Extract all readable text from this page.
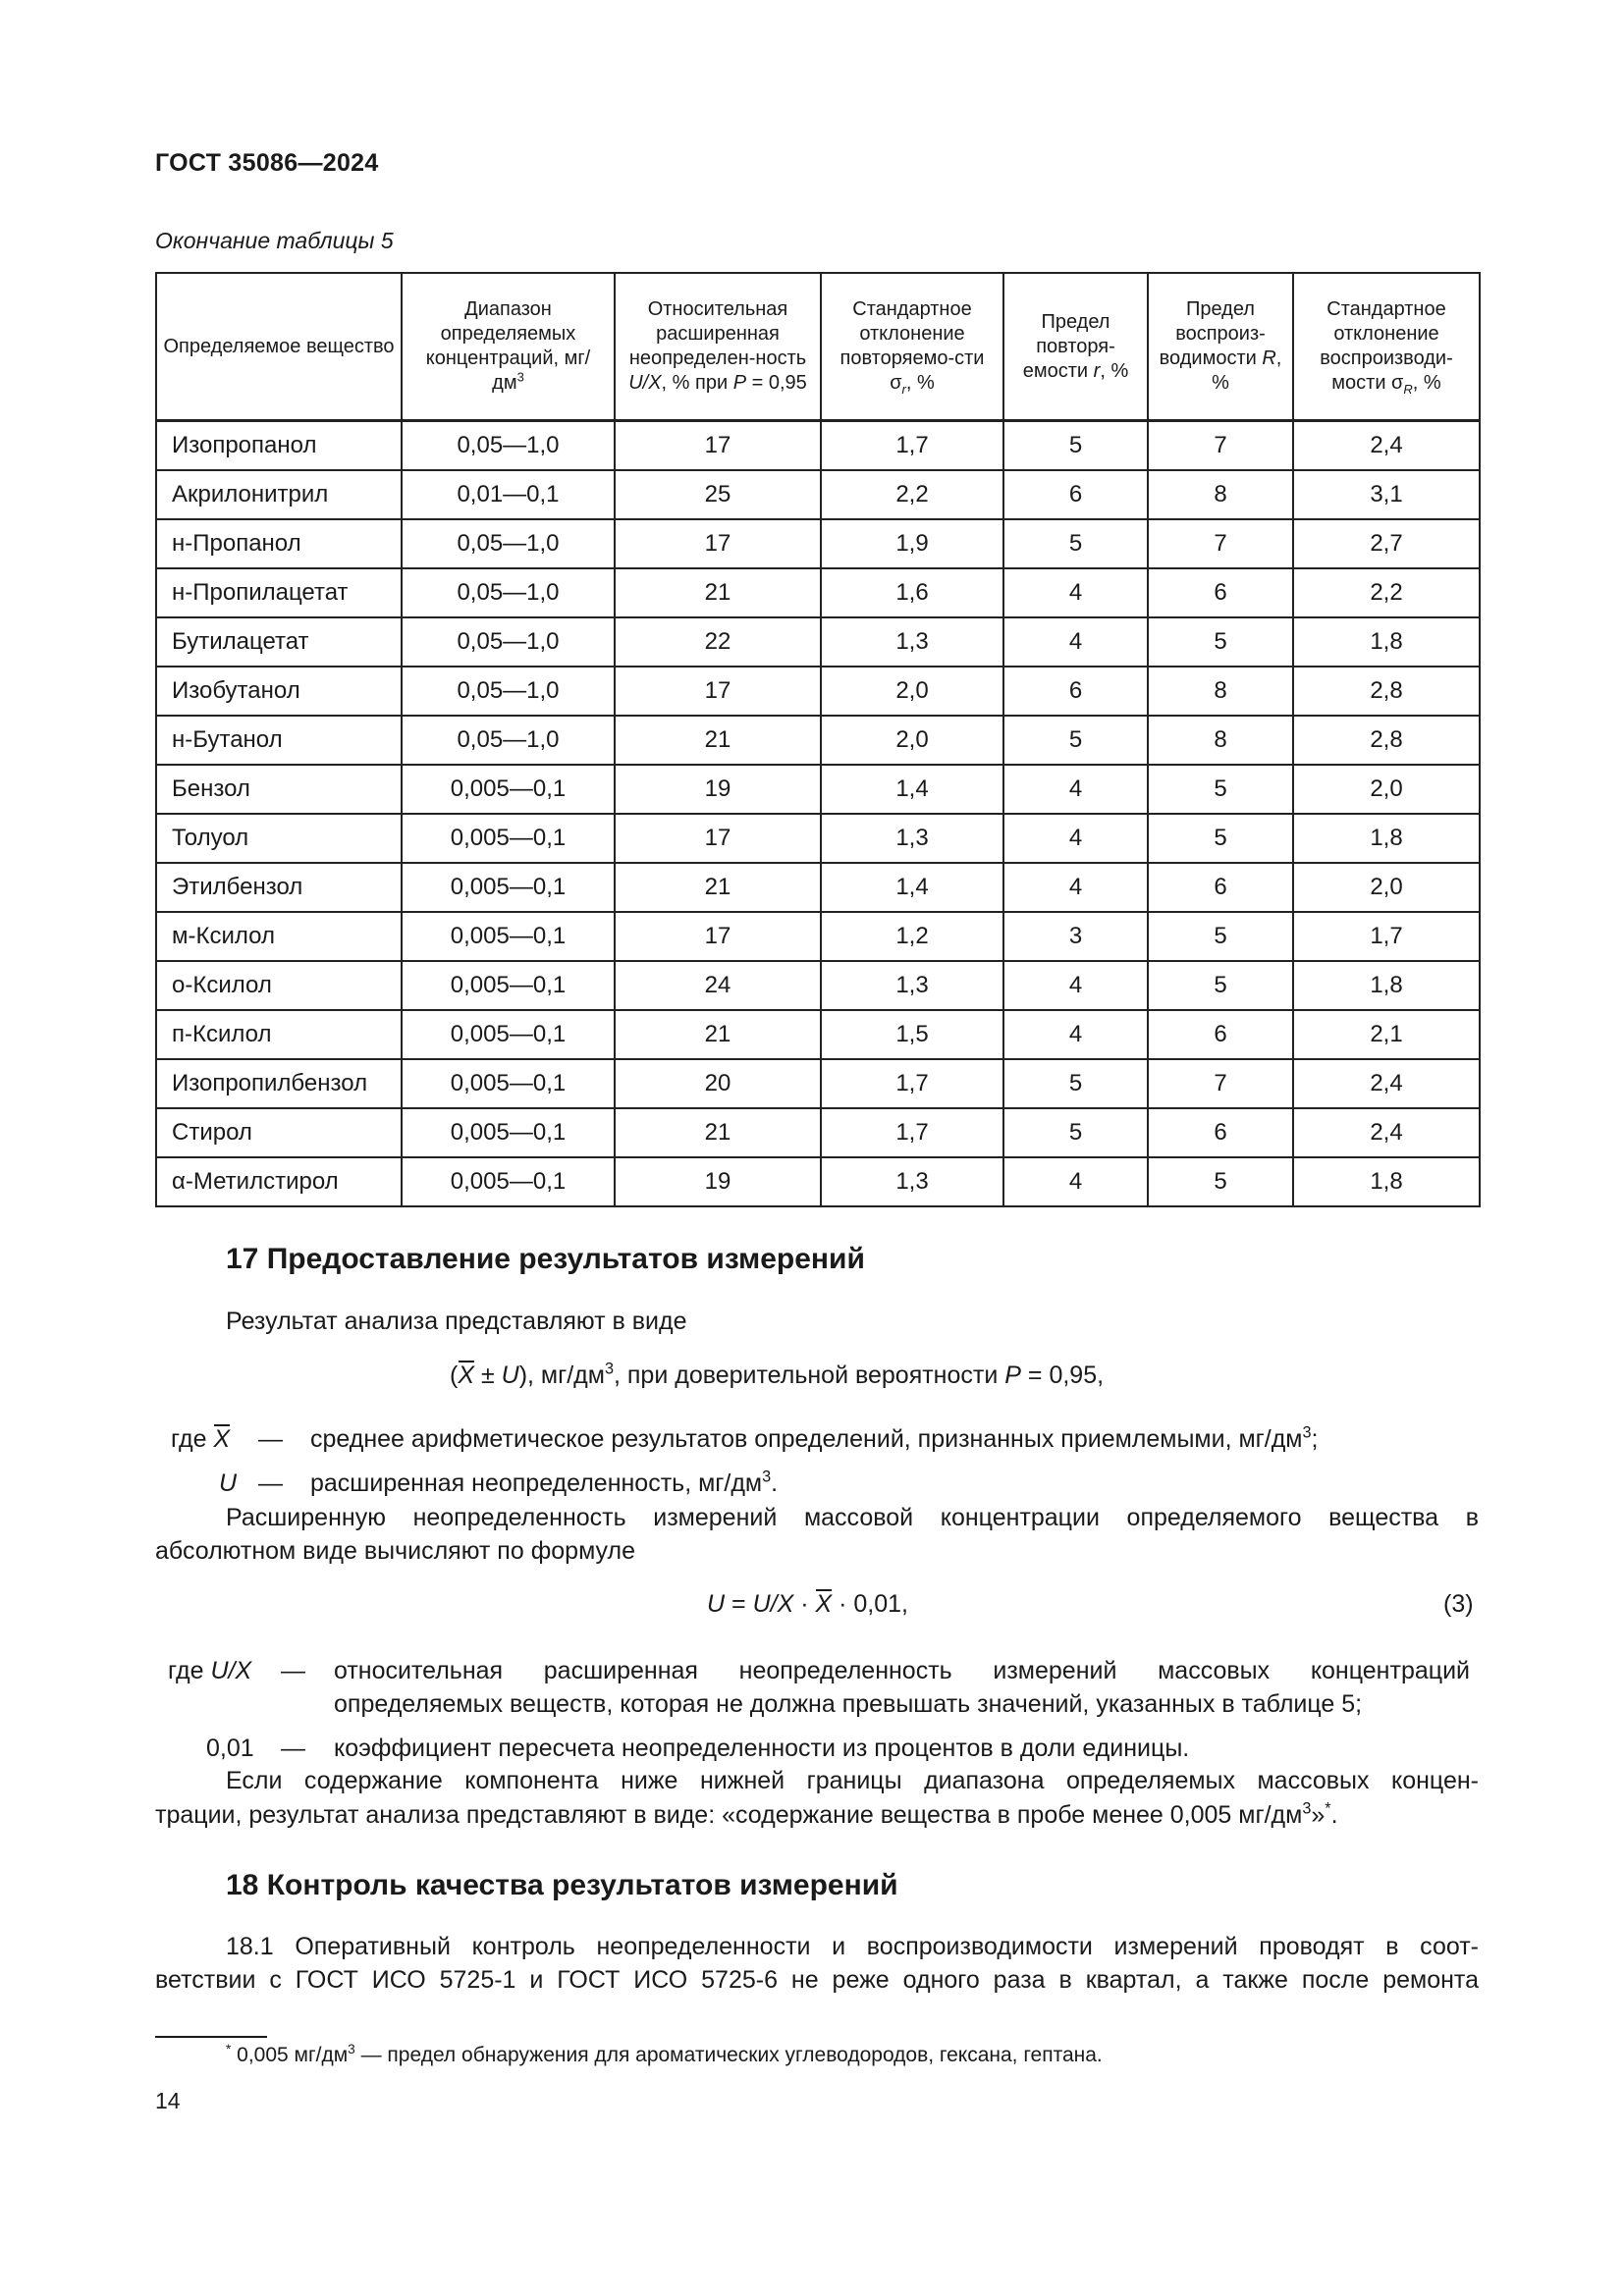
ГОСТ 35086—2024
Окончание таблицы 5
Определяемое вещество	Диапазон определяемых концентраций, $мг/дм^3$	Относительная расширенная неопределен-ность U/X, % при P = 0,95	Стандартное отклонение повторяемо-сти $\sigma_r$, %	Предел повторя-емости r, %	Предел воспроиз-водимости R, %	Стандартное отклонение воспроизводи-мости $\sigma_R$, %
Изопропанол	0,05—1,0	17	1,7	5	7	2,4
Акрилонитрил	0,01—0,1	25	2,2	6	8	3,1
н-Пропанол	0,05—1,0	17	1,9	5	7	2,7
н-Пропилацетат	0,05—1,0	21	1,6	4	6	2,2
Бутилацетат	0,05—1,0	22	1,3	4	5	1,8
Изобутанол	0,05—1,0	17	2,0	6	8	2,8
н-Бутанол	0,05—1,0	21	2,0	5	8	2,8
Бензол	0,005—0,1	19	1,4	4	5	2,0
Толуол	0,005—0,1	17	1,3	4	5	1,8
Этилбензол	0,005—0,1	21	1,4	4	6	2,0
м-Ксилол	0,005—0,1	17	1,2	3	5	1,7
о-Ксилол	0,005—0,1	24	1,3	4	5	1,8
п-Ксилол	0,005—0,1	21	1,5	4	6	2,1
Изопропилбензол	0,005—0,1	20	1,7	5	7	2,4
Стирол	0,005—0,1	21	1,7	5	6	2,4
α-Метилстирол	0,005—0,1	19	1,3	4	5	1,8
17 Предоставление результатов измерений
Результат анализа представляют в виде
(X ± U), $мг/дм^3$, при доверительной вероятности P = 0,95,
где X — среднее арифметическое результатов определений, признанных приемлемыми, $мг/дм^3$;
U — расширенная неопределенность, $мг/дм^3$.
Расширенную неопределенность измерений массовой концентрации определяемого вещества в
абсолютном виде вычисляют по формуле
U = U/X · X · 0,01,	(3)
где U/X — относительная расширенная неопределенность измерений массовых концентраций
определяемых веществ, которая не должна превышать значений, указанных в таблице 5;
0,01 — коэффициент пересчета неопределенности из процентов в доли единицы.
Если содержание компонента ниже нижней границы диапазона определяемых массовых концен-
трации, результат анализа представляют в виде: «содержание вещества в пробе менее 0,005 $мг/дм^3»^*$.
18 Контроль качества результатов измерений
18.1 Оперативный контроль неопределенности и воспроизводимости измерений проводят в соот-
ветствии с ГОСТ ИСО 5725-1 и ГОСТ ИСО 5725-6 не реже одного раза в квартал, а также после ремонта
* 0,005 $мг/дм^3$ — предел обнаружения для ароматических углеводородов, гексана, гептана.
14
